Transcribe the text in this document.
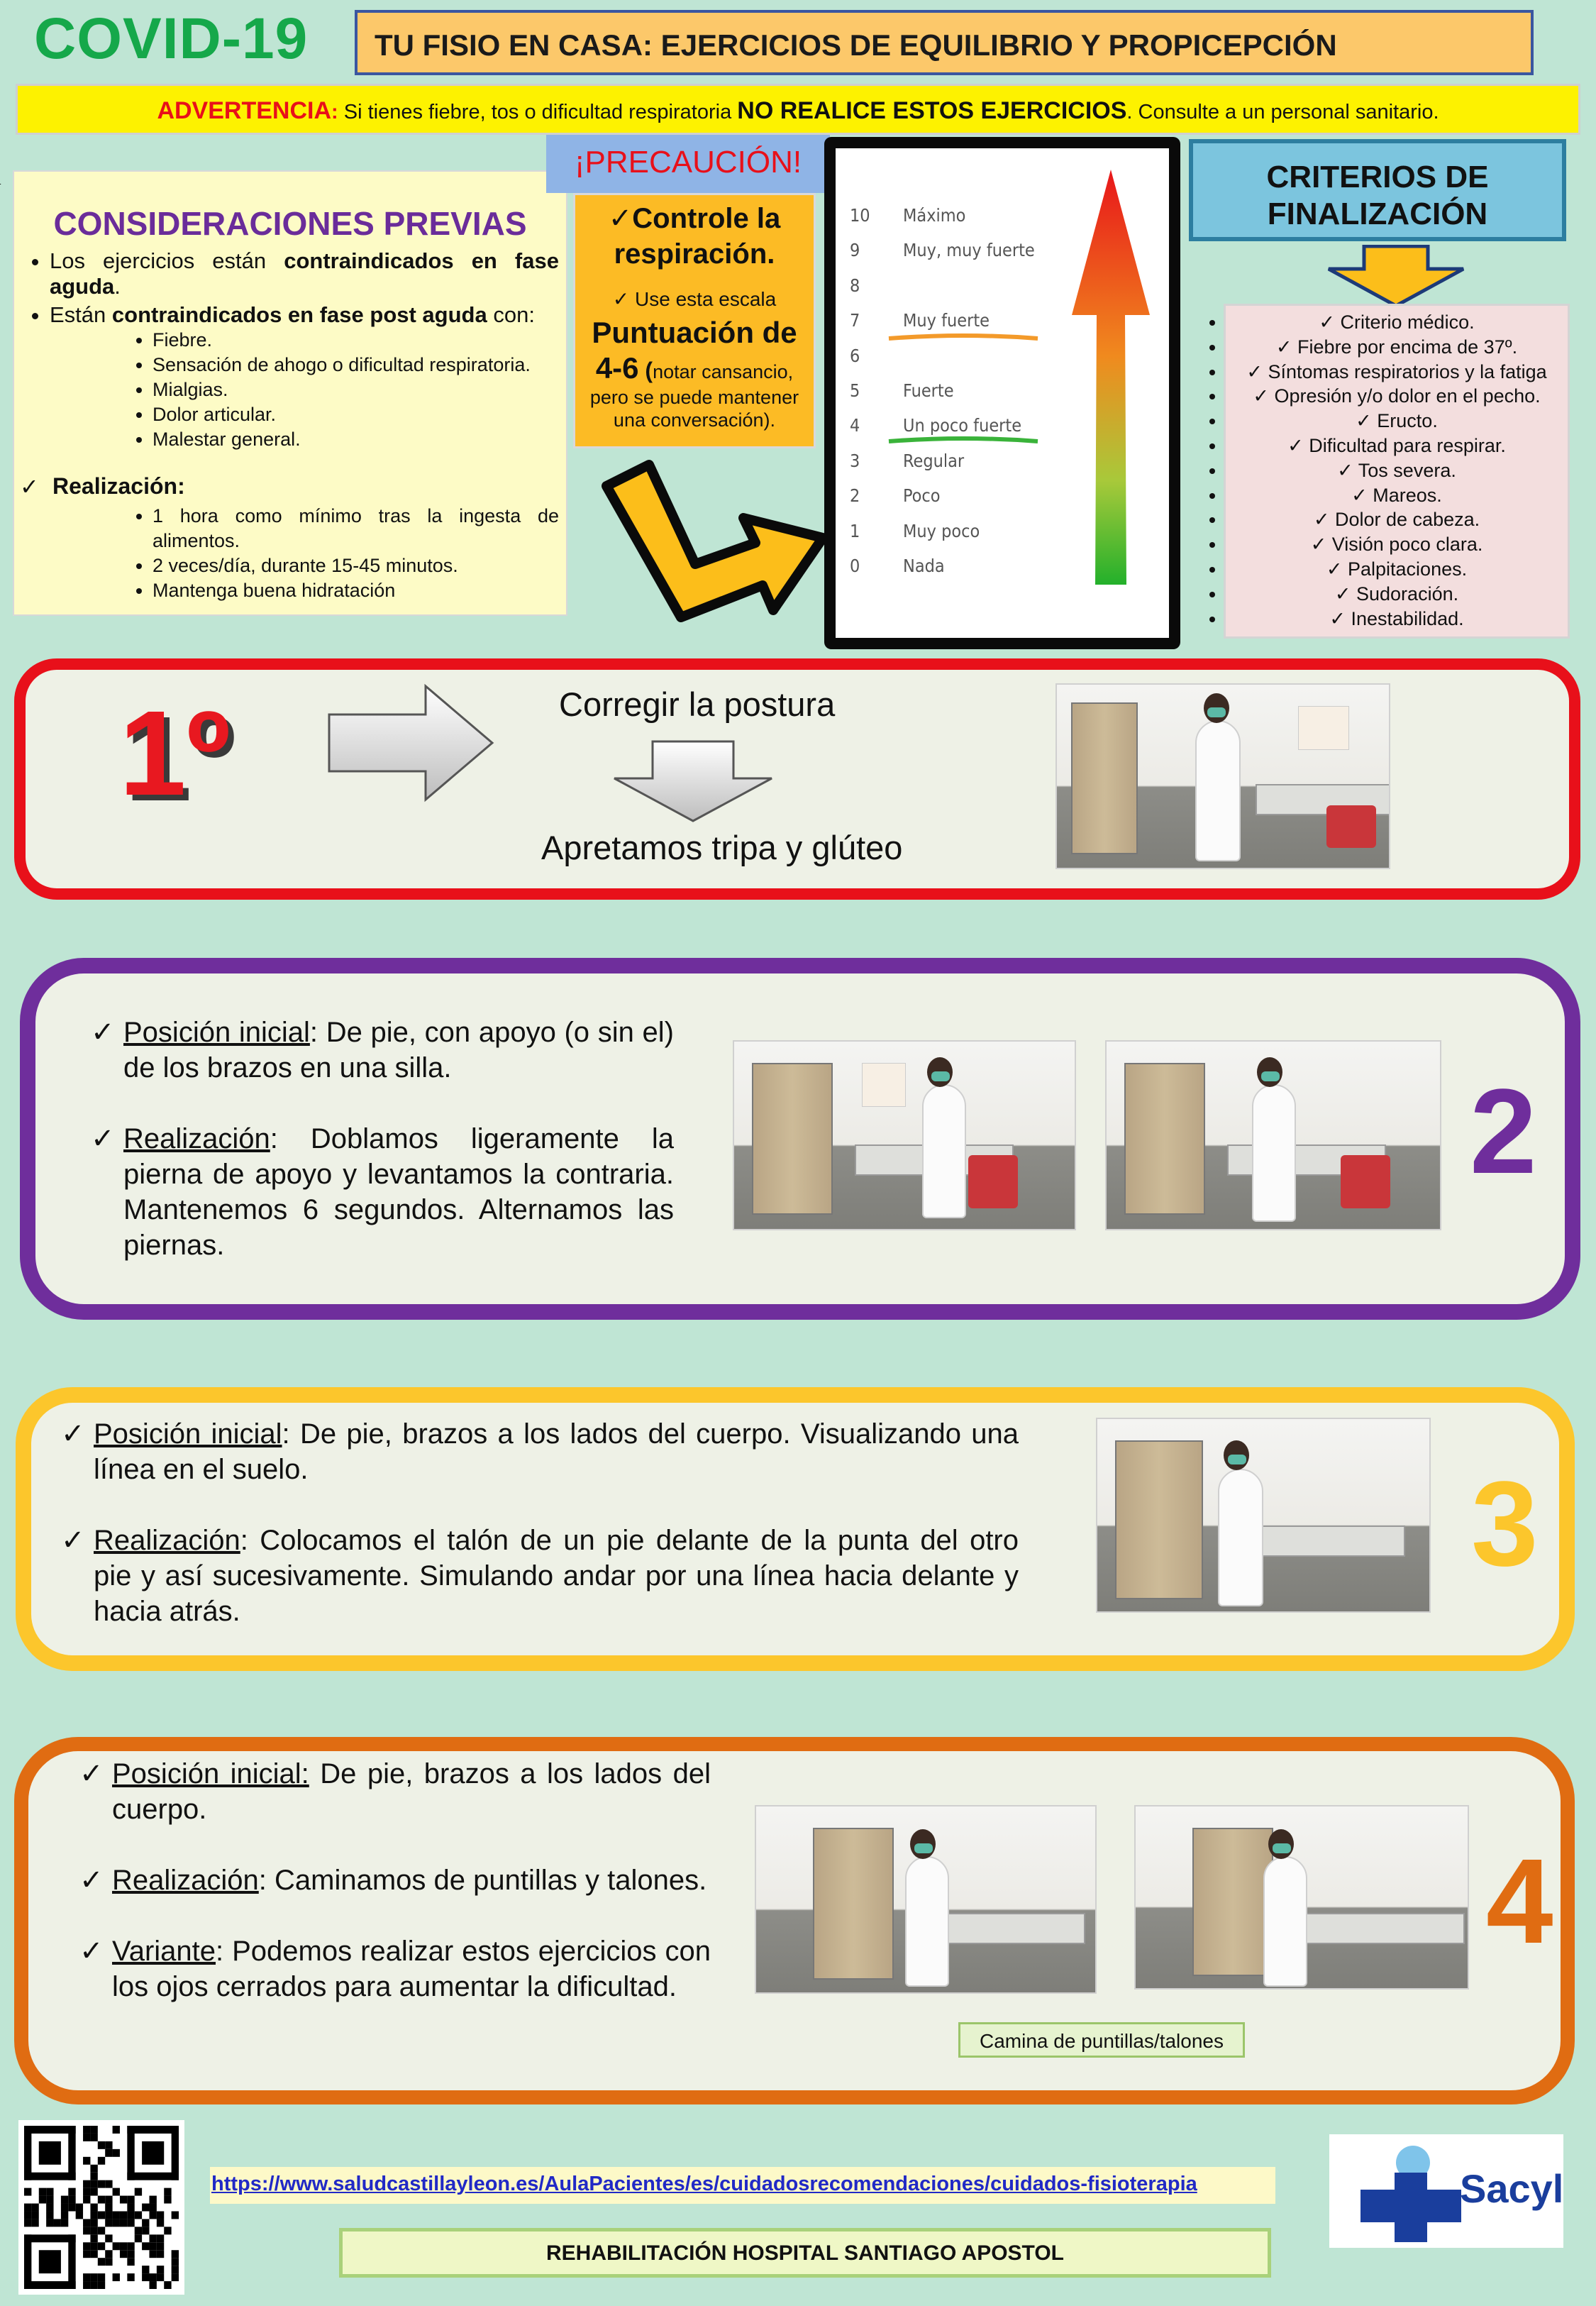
COVID-19	TU FISIO EN CASA: EJERCICIOS DE EQUILIBRIO Y PROPICEPCIÓN
ADVERTENCIA: Si tienes fiebre, tos o dificultad respiratoria NO REALICE ESTOS EJERCICIOS. Consulte a un personal sanitario.
CONSIDERACIONES PREVIAS
✓ • Los ejercicios están contraindicados en fase aguda.
✓ • Están contraindicados en fase post aguda con:
➢ • Fiebre.
➢ • Sensación de ahogo o dificultad respiratoria.
➢ • Mialgias.
➢ • Dolor articular.
➢ • Malestar general.
✓ Realización:
➢ • 1 hora como mínimo tras la ingesta de alimentos.
➢ • 2 veces/día, durante 15-45 minutos.
➢ • Mantenga buena hidratación
¡PRECAUCIÓN!
✓Controle la respiración.
✓ Use esta escala
Puntuación de 4-6 (notar cansancio, pero se puede mantener una conversación).
10 Máximo
9 Muy, muy fuerte
8
7 Muy fuerte
6
5 Fuerte
4 Un poco fuerte
3 Regular
2 Poco
1 Muy poco
0 Nada
CRITERIOS DE FINALIZACIÓN
• ✓ Criterio médico.
• ✓ Fiebre por encima de 37º.
• ✓ Síntomas respiratorios y la fatiga
• ✓ Opresión y/o dolor en el pecho.
• ✓ Eructo.
• ✓ Dificultad para respirar.
• ✓ Tos severa.
• ✓ Mareos.
• ✓ Dolor de cabeza.
• ✓ Visión poco clara.
• ✓ Palpitaciones.
• ✓ Sudoración.
• ✓ Inestabilidad.
1º	Corregir la postura
Apretamos tripa y glúteo
✓ Posición inicial: De pie, con apoyo (o sin el) de los brazos en una silla.
✓ Realización: Doblamos ligeramente la pierna de apoyo y levantamos la contraria. Mantenemos 6 segundos. Alternamos las piernas.
2
✓ Posición inicial: De pie, brazos a los lados del cuerpo. Visualizando una línea en el suelo.
✓ Realización: Colocamos el talón de un pie delante de la punta del otro pie y así sucesivamente. Simulando andar por una línea hacia delante y hacia atrás.
3
✓ Posición inicial: De pie, brazos a los lados del cuerpo.
✓ Realización: Caminamos de puntillas y talones.
✓ Variante: Podemos realizar estos ejercicios con los ojos cerrados para aumentar la dificultad.
Camina de puntillas/talones
4
https://www.saludcastillayleon.es/AulaPacientes/es/cuidadosrecomendaciones/cuidados-fisioterapia
REHABILITACIÓN HOSPITAL SANTIAGO APOSTOL
Sacyl
